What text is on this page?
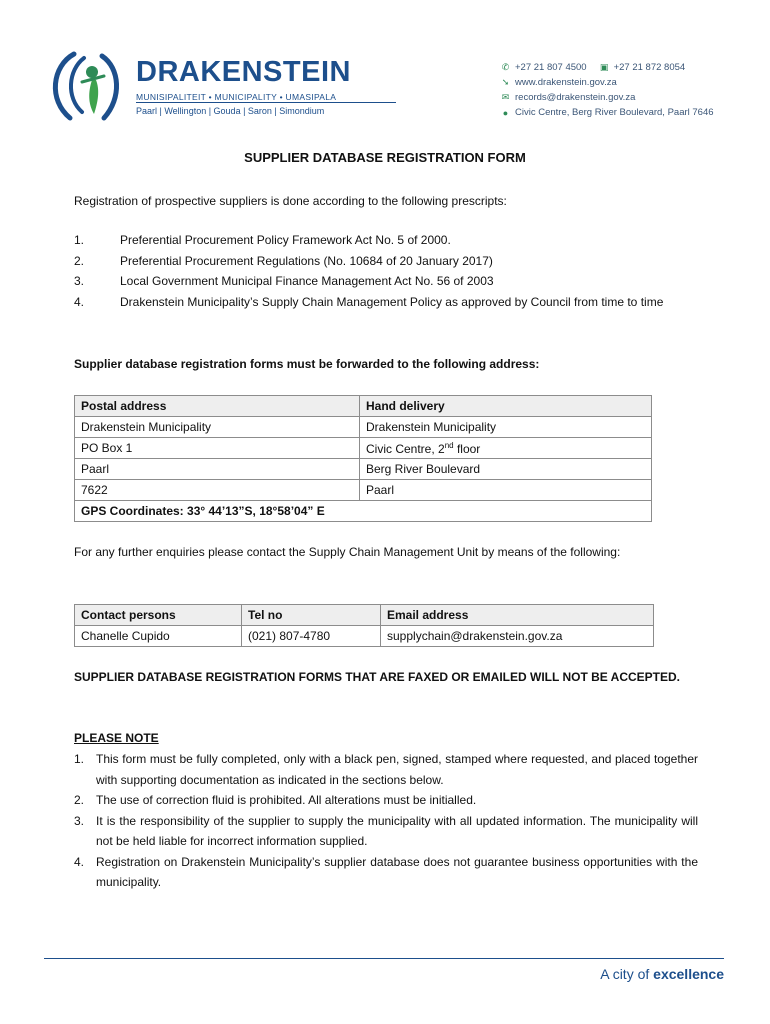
DRAKENSTEIN
MUNISIPALITEIT • MUNICIPALITY • UMASIPALA
Paarl | Wellington | Gouda | Saron | Simondium
✆ +27 21 807 4500 ▣ +27 21 872 8054
➘ www.drakenstein.gov.za
✉ records@drakenstein.gov.za
● Civic Centre, Berg River Boulevard, Paarl 7646
SUPPLIER DATABASE REGISTRATION FORM
Registration of prospective suppliers is done according to the following prescripts:
1.	Preferential Procurement Policy Framework Act No. 5 of 2000.
2.	Preferential Procurement Regulations (No. 10684 of 20 January 2017)
3.	Local Government Municipal Finance Management Act No. 56 of 2003
4.	Drakenstein Municipality’s Supply Chain Management Policy as approved by Council from time to time
Supplier database registration forms must be forwarded to the following address:
Postal address	Hand delivery
Drakenstein Municipality	Drakenstein Municipality
PO Box 1	Civic Centre, 2nd floor
Paarl	Berg River Boulevard
7622	Paarl
GPS Coordinates: 33° 44’13”S, 18°58’04” E	
For any further enquiries please contact the Supply Chain Management Unit by means of the following:
Contact persons	Tel no	Email address
Chanelle Cupido	(021) 807-4780	supplychain@drakenstein.gov.za
SUPPLIER DATABASE REGISTRATION FORMS THAT ARE FAXED OR EMAILED WILL NOT BE ACCEPTED.
PLEASE NOTE
1. This form must be fully completed, only with a black pen, signed, stamped where requested, and placed together with supporting documentation as indicated in the sections below.
2. The use of correction fluid is prohibited. All alterations must be initialled.
3. It is the responsibility of the supplier to supply the municipality with all updated information. The municipality will not be held liable for incorrect information supplied.
4. Registration on Drakenstein Municipality’s supplier database does not guarantee business opportunities with the municipality.
A city of excellence
